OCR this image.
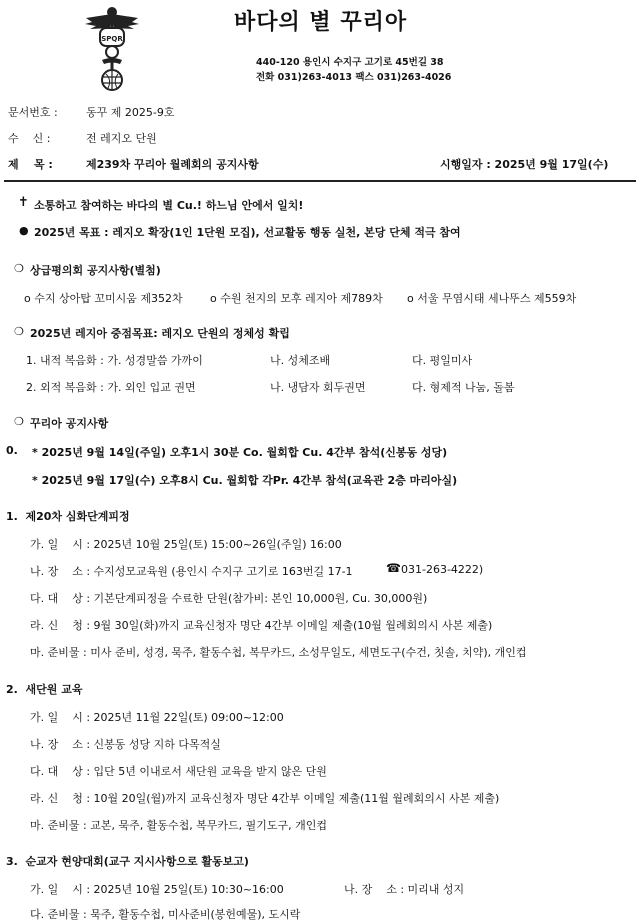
SPQR
바다의 별 꾸리아
440-120 용인시 수지구 고기로 45번길 38
전화 031)263-4013 팩스 031)263-4026
문서번호 :	동꾸 제 2025-9호
수    신 :	전 레지오 단원
제    목 :	제239차 꾸리아 월례회의 공지사항	시행일자 : 2025년 9월 17일(수)
✝ 소통하고 참여하는 바다의 별 Cu.! 하느님 안에서 일치!
● 2025년 목표 : 레지오 확장(1인 1단원 모집), 선교활동 행동 실천, 본당 단체 적극 참여
❍ 상급평의회 공지사항(별첨)
o 수지 상아탑 꼬미시움 제352차 o 수원 천지의 모후 레지아 제789차 o 서울 무염시태 세나뚜스 제559차
❍ 2025년 레지아 중점목표: 레지오 단원의 정체성 확립
1. 내적 복음화 : 가. 성경말씀 가까이	나. 성체조배	다. 평일미사
2. 외적 복음화 : 가. 외인 입교 권면	나. 냉담자 회두권면	다. 형제적 나눔, 돌봄
❍ 꾸리아 공지사항
0. * 2025년 9월 14일(주일) 오후1시 30분 Co. 월회합 Cu. 4간부 참석(신봉동 성당)
* 2025년 9월 17일(수) 오후8시 Cu. 월회합 각Pr. 4간부 참석(교육관 2층 마리아실)
1.  제20차 심화단계피정
가. 일    시 : 2025년 10월 25일(토) 15:00~26일(주일) 16:00
나. 장    소 : 수지성모교육원 (용인시 수지구 고기로 163번길 17-1	☎ 031-263-4222)
다. 대    상 : 기본단계피정을 수료한 단원(참가비: 본인 10,000원, Cu. 30,000원)
라. 신    청 : 9월 30일(화)까지 교육신청자 명단 4간부 이메일 제출(10월 월례회의시 사본 제출)
마. 준비물 : 미사 준비, 성경, 묵주, 활동수첩, 복무카드, 소성무일도, 세면도구(수건, 칫솔, 치약), 개인컵
2.  새단원 교육
가. 일    시 : 2025년 11월 22일(토) 09:00~12:00
나. 장    소 : 신봉동 성당 지하 다목적실
다. 대    상 : 입단 5년 이내로서 새단원 교육을 받지 않은 단원
라. 신    청 : 10월 20일(월)까지 교육신청자 명단 4간부 이메일 제출(11월 월례회의시 사본 제출)
마. 준비물 : 교본, 묵주, 활동수첩, 복무카드, 필기도구, 개인컵
3.  순교자 현양대회(교구 지시사항으로 활동보고)
가. 일    시 : 2025년 10월 25일(토) 10:30~16:00	나. 장    소 : 미리내 성지
다. 준비물 : 묵주, 활동수첩, 미사준비(봉헌예물), 도시락
